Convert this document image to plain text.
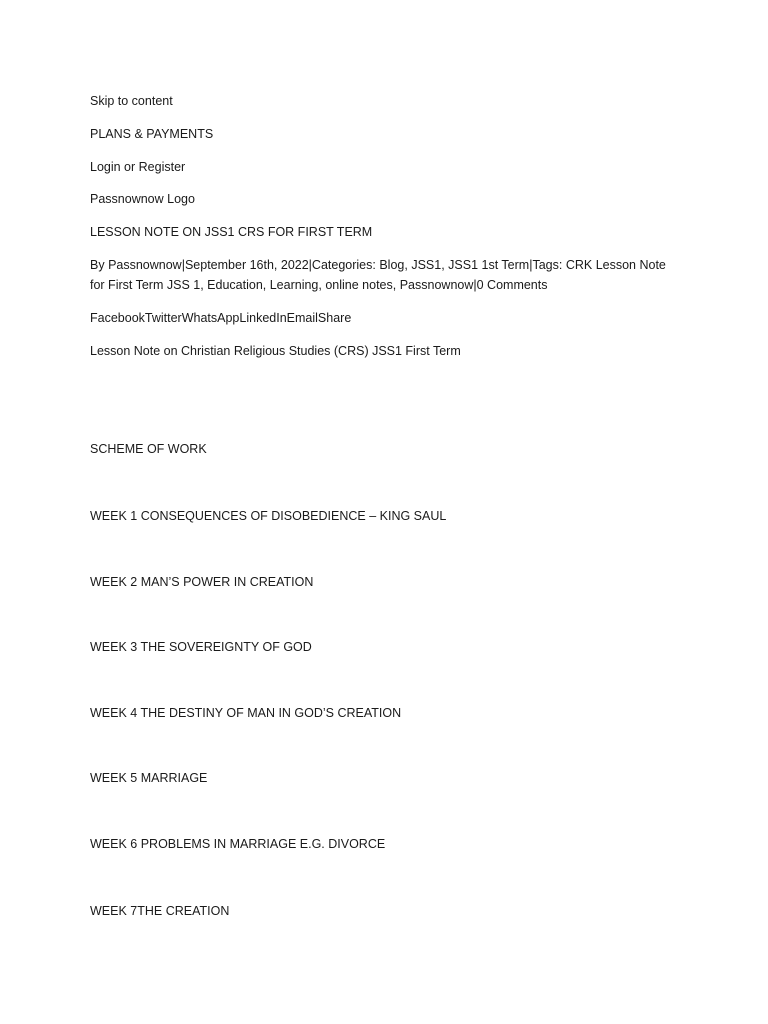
Skip to content
PLANS & PAYMENTS
Login or Register
Passnownow Logo
LESSON NOTE ON JSS1 CRS FOR FIRST TERM
By Passnownow|September 16th, 2022|Categories: Blog, JSS1, JSS1 1st Term|Tags: CRK Lesson Note for First Term JSS 1, Education, Learning, online notes, Passnownow|0 Comments
FacebookTwitterWhatsAppLinkedInEmailShare
Lesson Note on Christian Religious Studies (CRS) JSS1 First Term
SCHEME OF WORK
WEEK 1 CONSEQUENCES OF DISOBEDIENCE – KING SAUL
WEEK 2 MAN’S POWER IN CREATION
WEEK 3 THE SOVEREIGNTY OF GOD
WEEK 4 THE DESTINY OF MAN IN GOD’S CREATION
WEEK 5 MARRIAGE
WEEK 6 PROBLEMS IN MARRIAGE E.G. DIVORCE
WEEK 7THE CREATION
